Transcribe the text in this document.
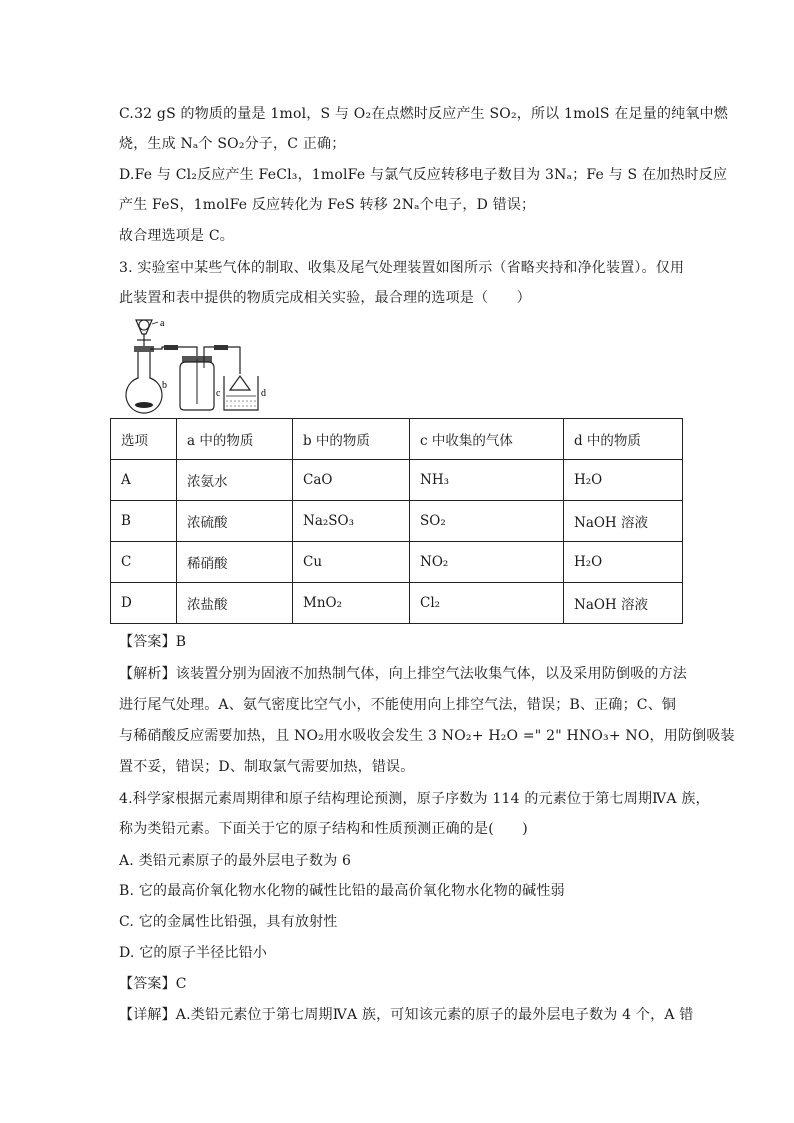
C.32 gS 的物质的量是 1mol，S 与 O₂在点燃时反应产生 SO₂，所以 1molS 在足量的纯氧中燃
烧，生成 Nₐ个 SO₂分子，C 正确；
D.Fe 与 Cl₂反应产生 FeCl₃，1molFe 与氯气反应转移电子数目为 3Nₐ；Fe 与 S 在加热时反应
产生 FeS，1molFe 反应转化为 FeS 转移 2Nₐ个电子，D 错误；
故合理选项是 C。
3. 实验室中某些气体的制取、收集及尾气处理装置如图所示（省略夹持和净化装置）。仅用
此装置和表中提供的物质完成相关实验，最合理的选项是（　　）
a
b
c	d
选项	a 中的物质	b 中的物质	c 中收集的气体	d 中的物质
A	浓氨水	CaO	NH₃	H₂O
B	浓硫酸	Na₂SO₃	SO₂	NaOH 溶液
C	稀硝酸	Cu	NO₂	H₂O
D	浓盐酸	MnO₂	Cl₂	NaOH 溶液
【答案】B
【解析】该装置分别为固液不加热制气体，向上排空气法收集气体，以及采用防倒吸的方法
进行尾气处理。A、氨气密度比空气小，不能使用向上排空气法，错误；B、正确；C、铜
与稀硝酸反应需要加热，且 NO₂用水吸收会发生 3 NO₂+ H₂O =" 2" HNO₃+ NO，用防倒吸装
置不妥，错误；D、制取氯气需要加热，错误。
4.科学家根据元素周期律和原子结构理论预测，原子序数为 114 的元素位于第七周期ⅣA 族，
称为类铅元素。下面关于它的原子结构和性质预测正确的是(　　)
A. 类铅元素原子的最外层电子数为 6
B. 它的最高价氧化物水化物的碱性比铅的最高价氧化物水化物的碱性弱
C. 它的金属性比铅强，具有放射性
D. 它的原子半径比铅小
【答案】C
【详解】A.类铅元素位于第七周期ⅣA 族，可知该元素的原子的最外层电子数为 4 个，A 错
